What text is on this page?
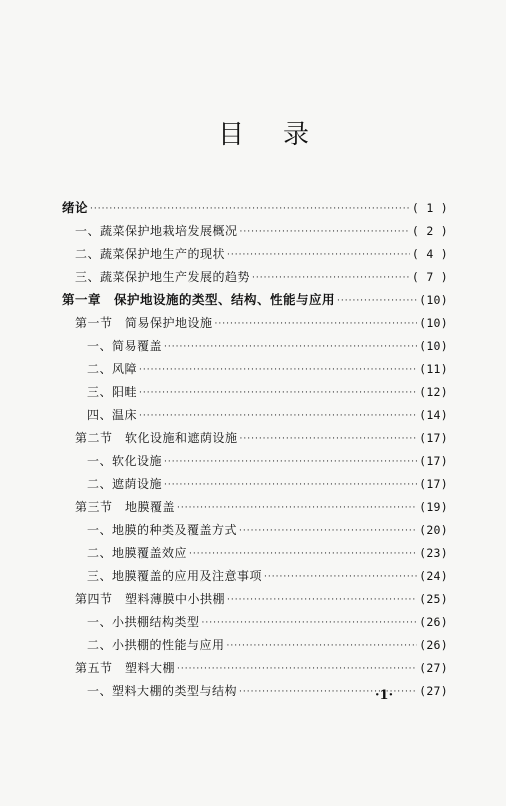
目 录
绪论 ·····	( 1 )
一、蔬菜保护地栽培发展概况 ·····	( 2 )
二、蔬菜保护地生产的现状 ·····	( 4 )
三、蔬菜保护地生产发展的趋势 ·····	( 7 )
第一章　保护地设施的类型、结构、性能与应用 ·····	(10)
第一节　简易保护地设施 ·····	(10)
一、简易覆盖 ·····	(10)
二、风障 ·····	(11)
三、阳畦 ·····	(12)
四、温床 ·····	(14)
第二节　软化设施和遮荫设施 ·····	(17)
一、软化设施 ·····	(17)
二、遮荫设施 ·····	(17)
第三节　地膜覆盖 ·····	(19)
一、地膜的种类及覆盖方式 ·····	(20)
二、地膜覆盖效应 ·····	(23)
三、地膜覆盖的应用及注意事项 ·····	(24)
第四节　塑料薄膜中小拱棚 ·····	(25)
一、小拱棚结构类型 ·····	(26)
二、小拱棚的性能与应用 ·····	(26)
第五节　塑料大棚 ·····	(27)
一、塑料大棚的类型与结构 ·····	(27)
·1·
